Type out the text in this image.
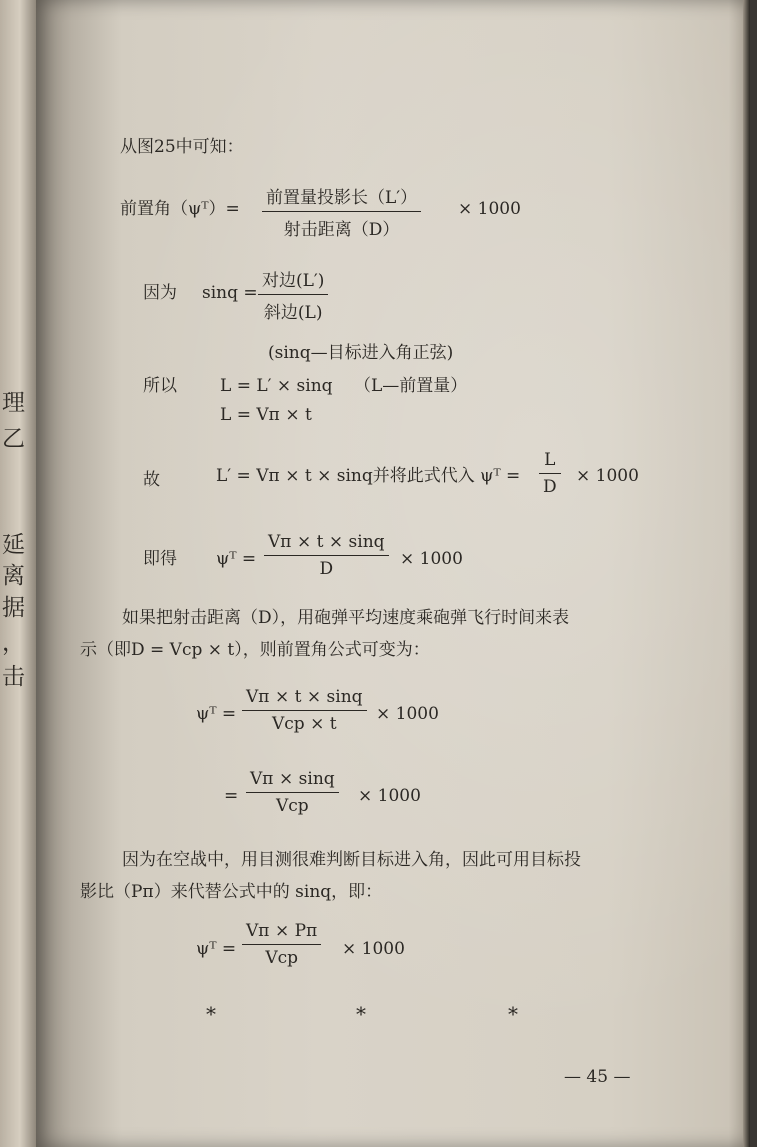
理
乙
延
离
据
，
击
从图25中可知：
前置角（ψᵀ）=
前置量投影长（L′）
射击距离（D）
× 1000
因为 sinq =
对边(L′)
斜边(L)
(sinq—目标进入角正弦)
所以	L = L′ × sinq （L—前置量）
L = Vп × t
故	L′ = Vп × t × sinq并将此式代入 ψᵀ =
L
D
× 1000
即得 ψᵀ =
Vп × t × sinq
D	× 1000
如果把射击距离（D），用砲弹平均速度乘砲弹飞行时间来表
示（即D = Vcp × t），则前置角公式可变为：
ψᵀ =
Vп × t × sinq
Vcp × t × 1000
=
Vп × sinq
Vcp	× 1000
因为在空战中，用目测很难判断目标进入角，因此可用目标投
影比（Pп）来代替公式中的 sinq，即：
ψᵀ =
Vп × Pп
Vcp	× 1000
*	*	*
— 45 —
